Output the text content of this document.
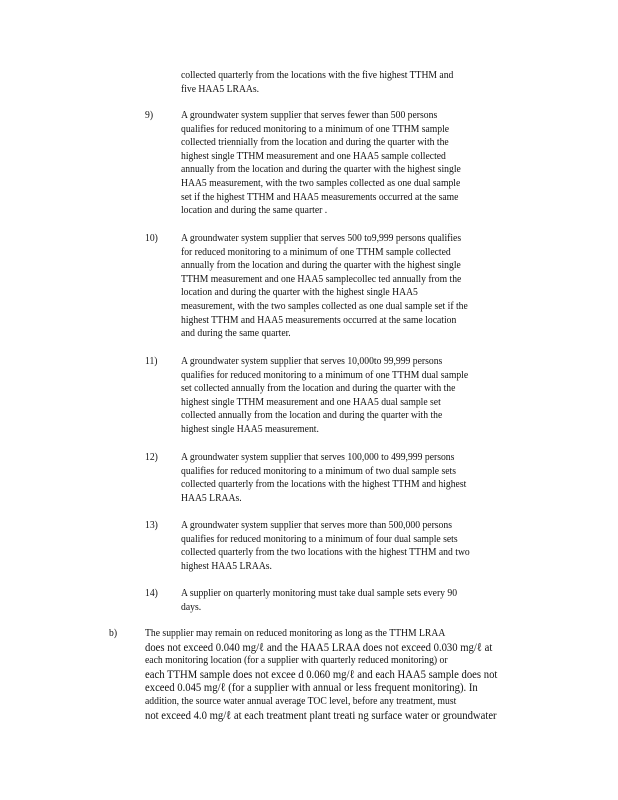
collected quarterly from the locations with the five highest TTHM and
five HAA5 LRAAs.
9)	A groundwater system supplier that serves fewer than 500 persons
qualifies for reduced monitoring to a minimum of one TTHM sample
collected triennially from the location and during the quarter with the
highest single TTHM measurement and one HAA5 sample collected
annually from the location and during the quarter with the highest single
HAA5 measurement, with the two samples collected as one dual sample
set if the highest TTHM and HAA5 measurements occurred at the same
location and during the same quarter .
10) A groundwater system supplier that serves 500 to9,999 persons qualifies
for reduced monitoring to a minimum of one TTHM sample collected
annually from the location and during the quarter with the highest single
TTHM measurement and one HAA5 samplecollec ted annually from the
location and during the quarter with the highest single HAA5
measurement, with the two samples collected as one dual sample set if the
highest TTHM and HAA5 measurements occurred at the same location
and during the same quarter.
11) A groundwater system supplier that serves 10,000to 99,999 persons
qualifies for reduced monitoring to a minimum of one TTHM dual sample
set collected annually from the location and during the quarter with the
highest single TTHM measurement and one HAA5 dual sample set
collected annually from the location and during the quarter with the
highest single HAA5 measurement.
12) A groundwater system supplier that serves 100,000 to 499,999 persons
qualifies for reduced monitoring to a minimum of two dual sample sets
collected quarterly from the locations with the highest TTHM and highest
HAA5 LRAAs.
13) A groundwater system supplier that serves more than 500,000 persons
qualifies for reduced monitoring to a minimum of four dual sample sets
collected quarterly from the two locations with the highest TTHM and two
highest HAA5 LRAAs.
14) A supplier on quarterly monitoring must take dual sample sets every 90
days.
b)	The supplier may remain on reduced monitoring as long as the TTHM LRAA
does not exceed 0.040 mg/ℓ and the HAA5 LRAA does not exceed 0.030 mg/ℓ at
each monitoring location (for a supplier with quarterly reduced monitoring) or
each TTHM sample does not excee d 0.060 mg/ℓ and each HAA5 sample does not
exceed 0.045 mg/ℓ (for a supplier with annual or less frequent monitoring). In
addition, the source water annual average TOC level, before any treatment, must
not exceed 4.0 mg/ℓ at each treatment plant treati ng surface water or groundwater
